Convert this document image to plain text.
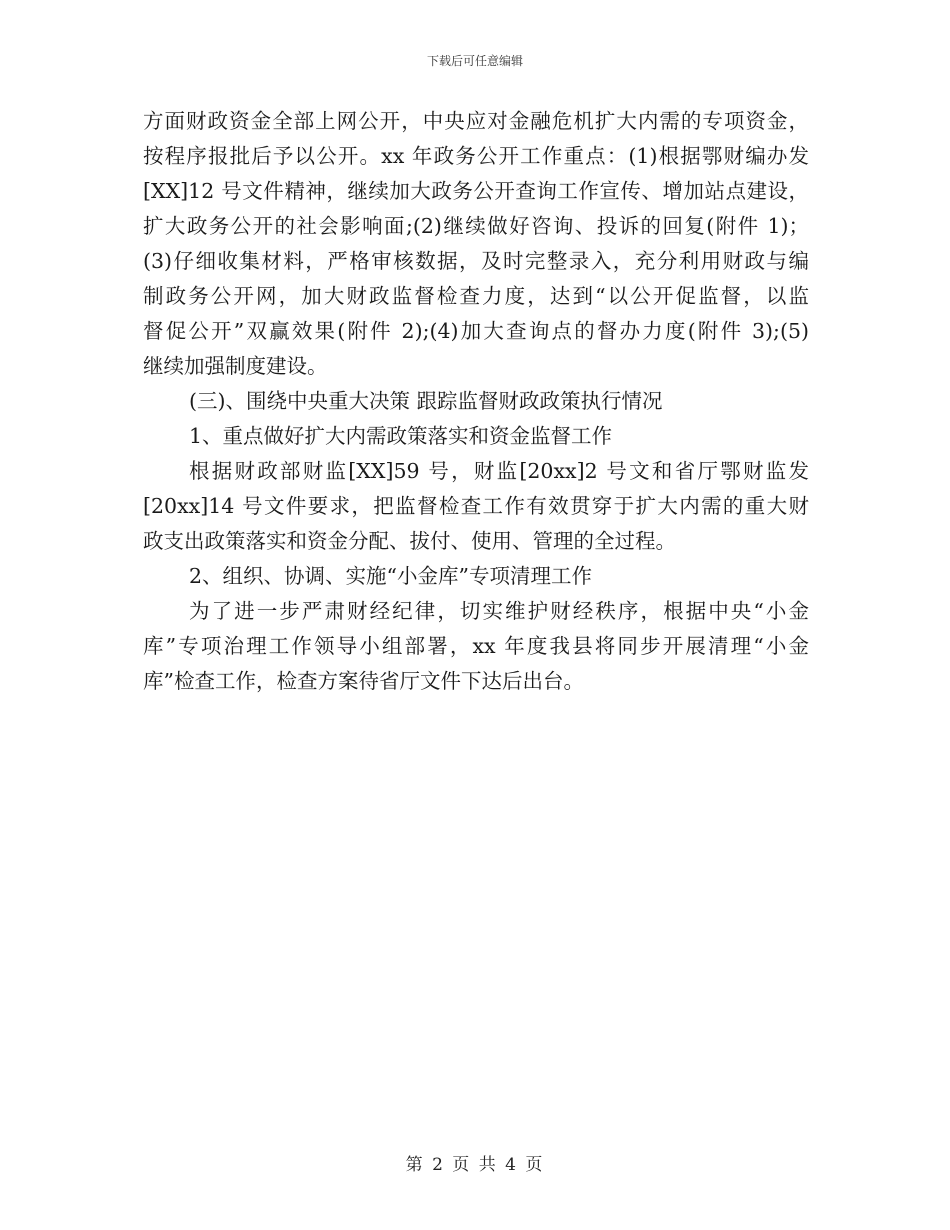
下载后可任意编辑
方面财政资金全部上网公开，中央应对金融危机扩大内需的专项资金，
按程序报批后予以公开。xx 年政务公开工作重点：(1)根据鄂财编办发
[XX]12 号文件精神，继续加大政务公开查询工作宣传、增加站点建设，
扩大政务公开的社会影响面;(2)继续做好咨询、投诉的回复(附件 1)；
(3)仔细收集材料，严格审核数据，及时完整录入，充分利用财政与编
制政务公开网，加大财政监督检查力度，达到“以公开促监督，以监
督促公开”双赢效果(附件 2);(4)加大查询点的督办力度(附件 3);(5)
继续加强制度建设。
(三)、围绕中央重大决策 跟踪监督财政政策执行情况
1、重点做好扩大内需政策落实和资金监督工作
根据财政部财监[XX]59 号，财监[20xx]2 号文和省厅鄂财监发
[20xx]14 号文件要求，把监督检查工作有效贯穿于扩大内需的重大财
政支出政策落实和资金分配、拔付、使用、管理的全过程。
2、组织、协调、实施“小金库”专项清理工作
为了进一步严肃财经纪律，切实维护财经秩序，根据中央“小金
库”专项治理工作领导小组部署，xx 年度我县将同步开展清理“小金
库”检查工作，检查方案待省厅文件下达后出台。
第 2 页 共 4 页
